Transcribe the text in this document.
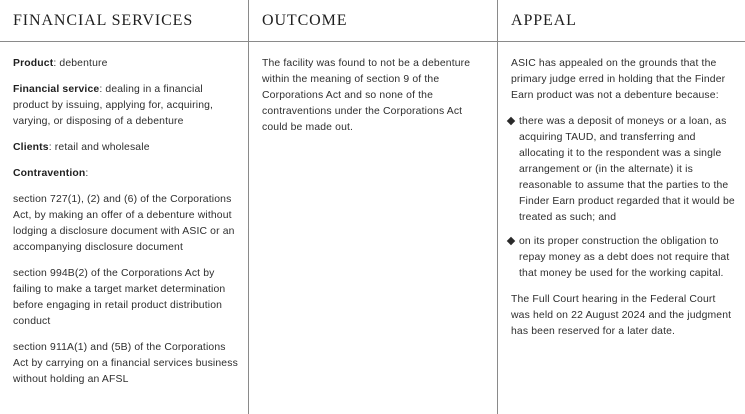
FINANCIAL SERVICES	OUTCOME	APPEAL

Product: debenture

Financial service: dealing in a financial product by issuing, applying for, acquiring, varying, or disposing of a debenture

Clients: retail and wholesale

Contravention:

section 727(1), (2) and (6) of the Corporations Act, by making an offer of a debenture without lodging a disclosure document with ASIC or an accompanying disclosure document

section 994B(2) of the Corporations Act by failing to make a target market determination before engaging in retail product distribution conduct

section 911A(1) and (5B) of the Corporations Act by carrying on a financial services business without holding an AFSL

The facility was found to not be a debenture within the meaning of section 9 of the Corporations Act and so none of the contraventions under the Corporations Act could be made out.

ASIC has appealed on the grounds that the primary judge erred in holding that the Finder Earn product was not a debenture because:

there was a deposit of moneys or a loan, as acquiring TAUD, and transferring and allocating it to the respondent was a single arrangement or (in the alternate) it is reasonable to assume that the parties to the Finder Earn product regarded that it would be treated as such; and
on its proper construction the obligation to repay money as a debt does not require that that money be used for the working capital.

The Full Court hearing in the Federal Court was held on 22 August 2024 and the judgment has been reserved for a later date.
